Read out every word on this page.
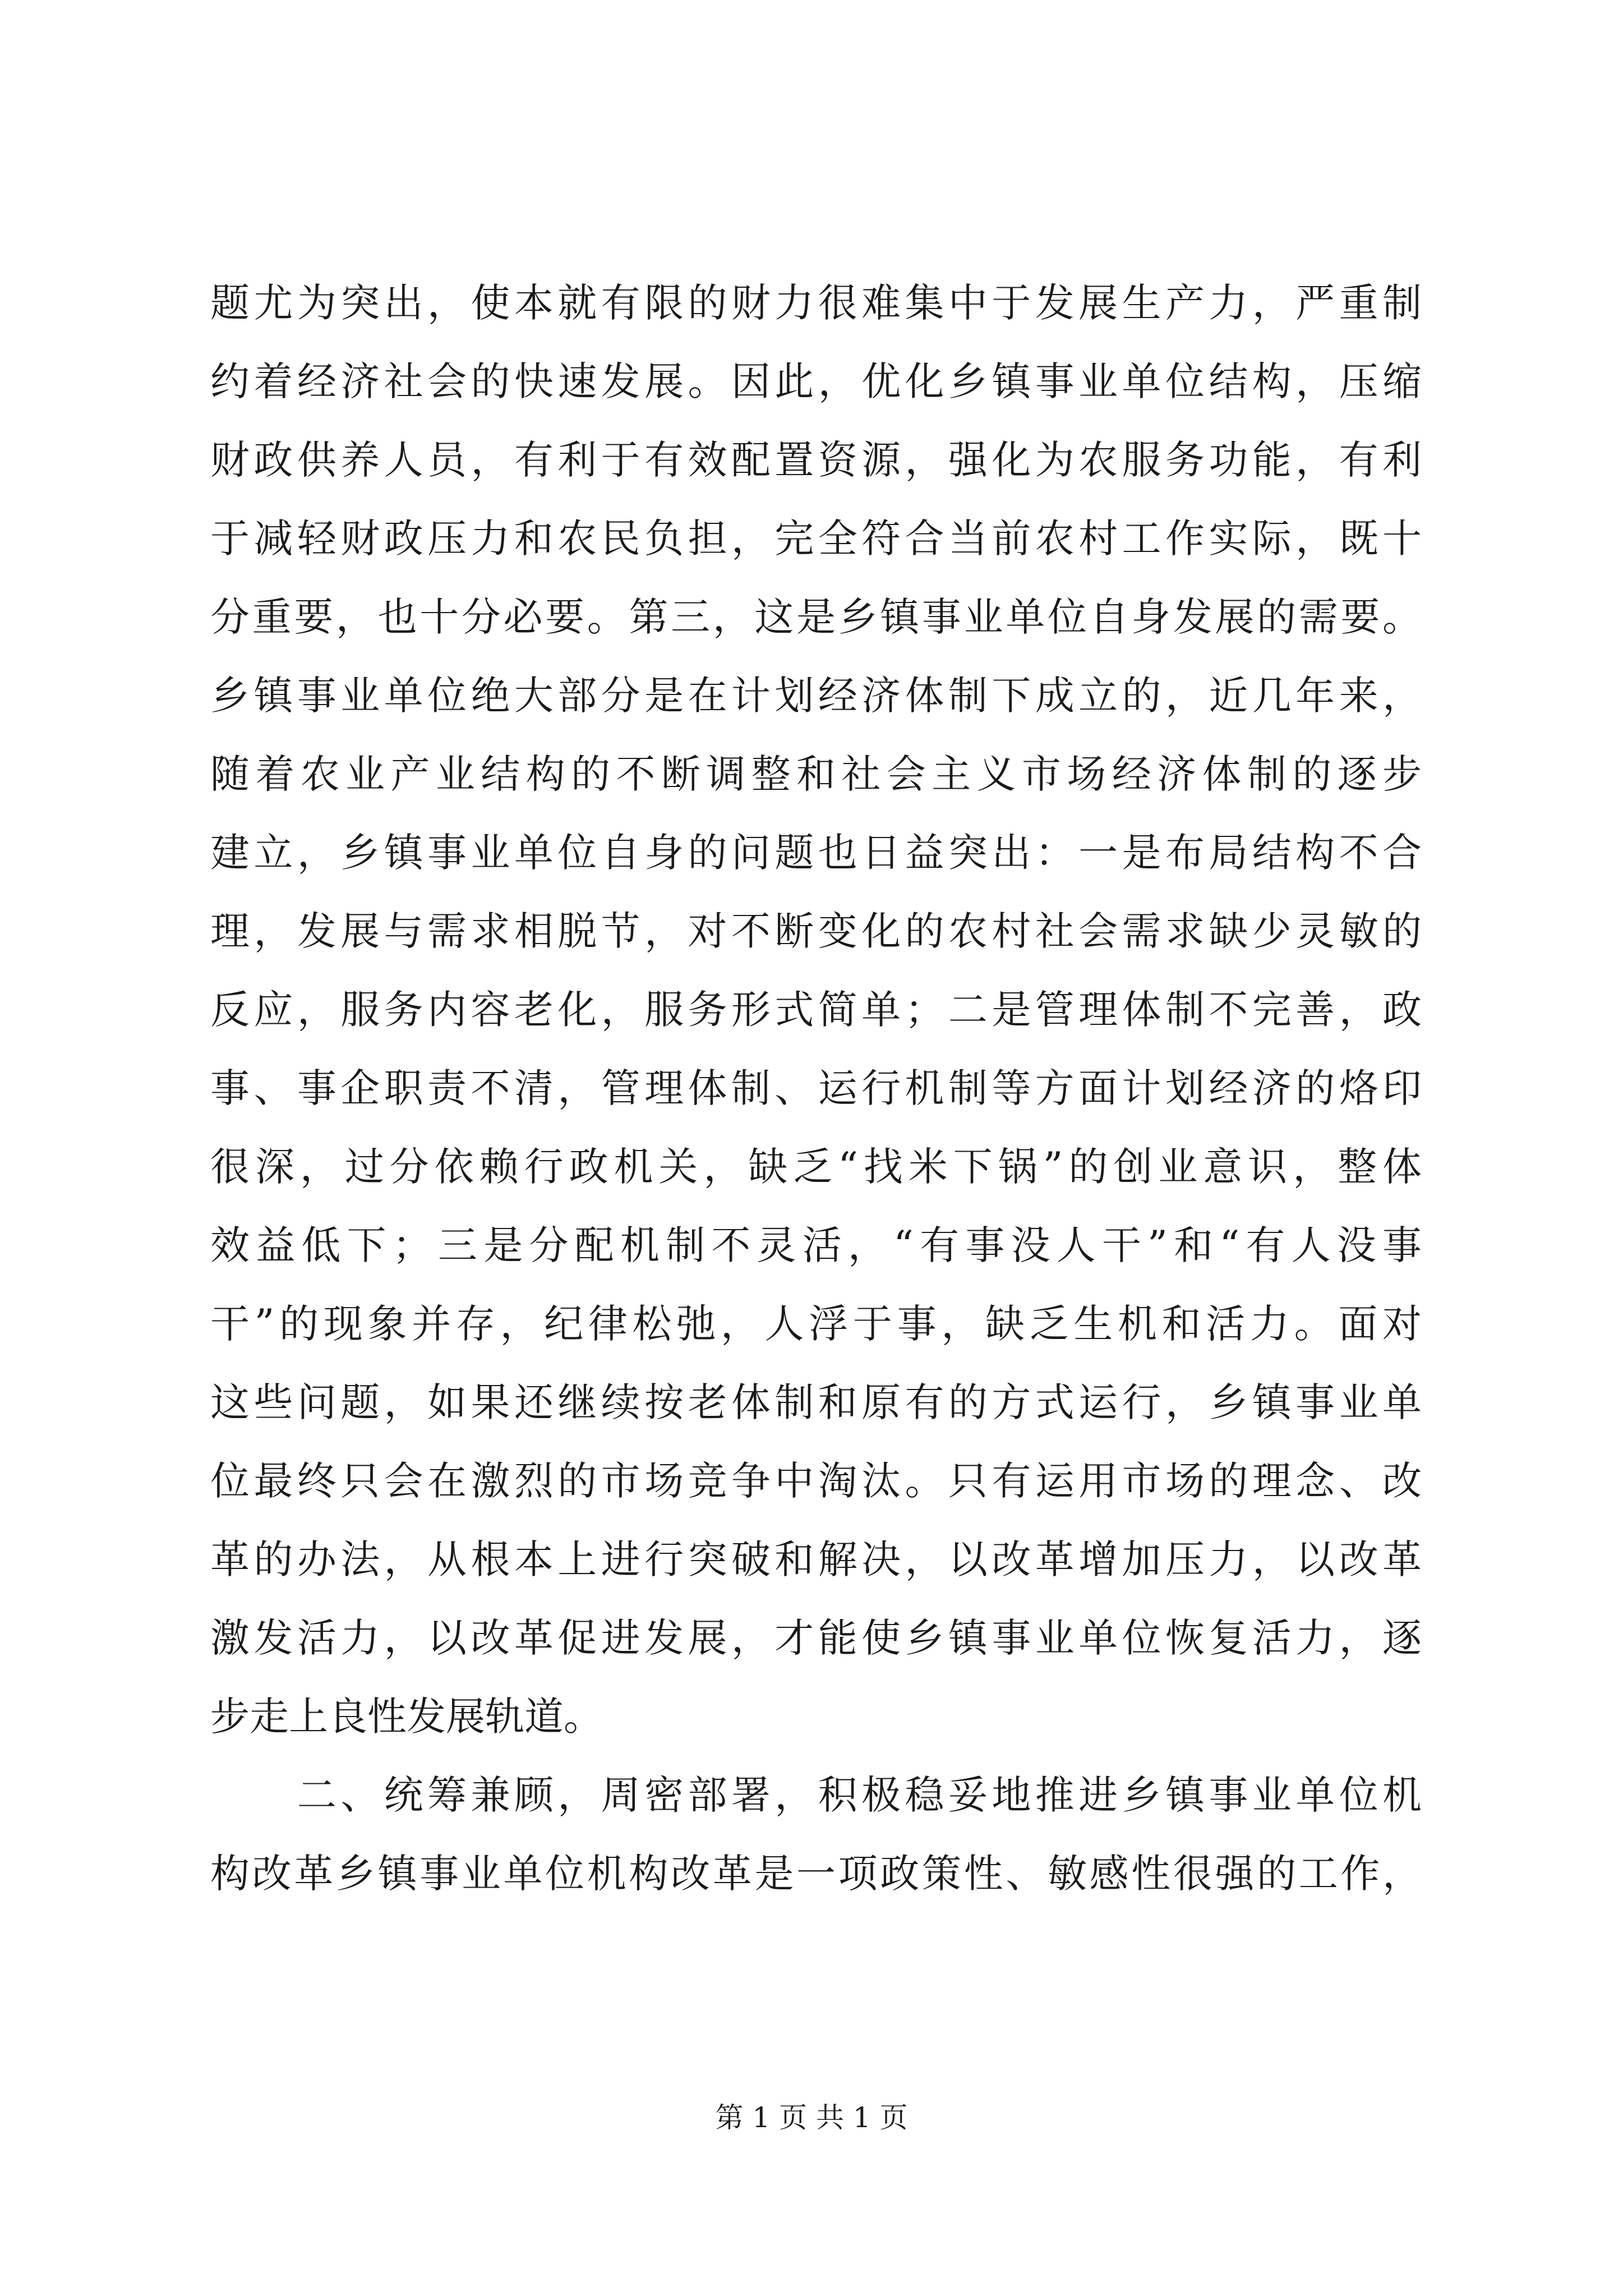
题尤为突出，使本就有限的财力很难集中于发展生产力，严重制
约着经济社会的快速发展。因此，优化乡镇事业单位结构，压缩
财政供养人员，有利于有效配置资源，强化为农服务功能，有利
于减轻财政压力和农民负担，完全符合当前农村工作实际，既十
分重要，也十分必要。第三，这是乡镇事业单位自身发展的需要。
乡镇事业单位绝大部分是在计划经济体制下成立的，近几年来，
随着农业产业结构的不断调整和社会主义市场经济体制的逐步
建立，乡镇事业单位自身的问题也日益突出：一是布局结构不合
理，发展与需求相脱节，对不断变化的农村社会需求缺少灵敏的
反应，服务内容老化，服务形式简单；二是管理体制不完善，政
事、事企职责不清，管理体制、运行机制等方面计划经济的烙印
很深，过分依赖行政机关，缺乏“找米下锅”的创业意识，整体
效益低下；三是分配机制不灵活，“有事没人干”和“有人没事
干”的现象并存，纪律松弛，人浮于事，缺乏生机和活力。面对
这些问题，如果还继续按老体制和原有的方式运行，乡镇事业单
位最终只会在激烈的市场竞争中淘汰。只有运用市场的理念、改
革的办法，从根本上进行突破和解决，以改革增加压力，以改革
激发活力，以改革促进发展，才能使乡镇事业单位恢复活力，逐
步走上良性发展轨道。
　　二、统筹兼顾，周密部署，积极稳妥地推进乡镇事业单位机
构改革乡镇事业单位机构改革是一项政策性、敏感性很强的工作，
第 1 页 共 1 页
